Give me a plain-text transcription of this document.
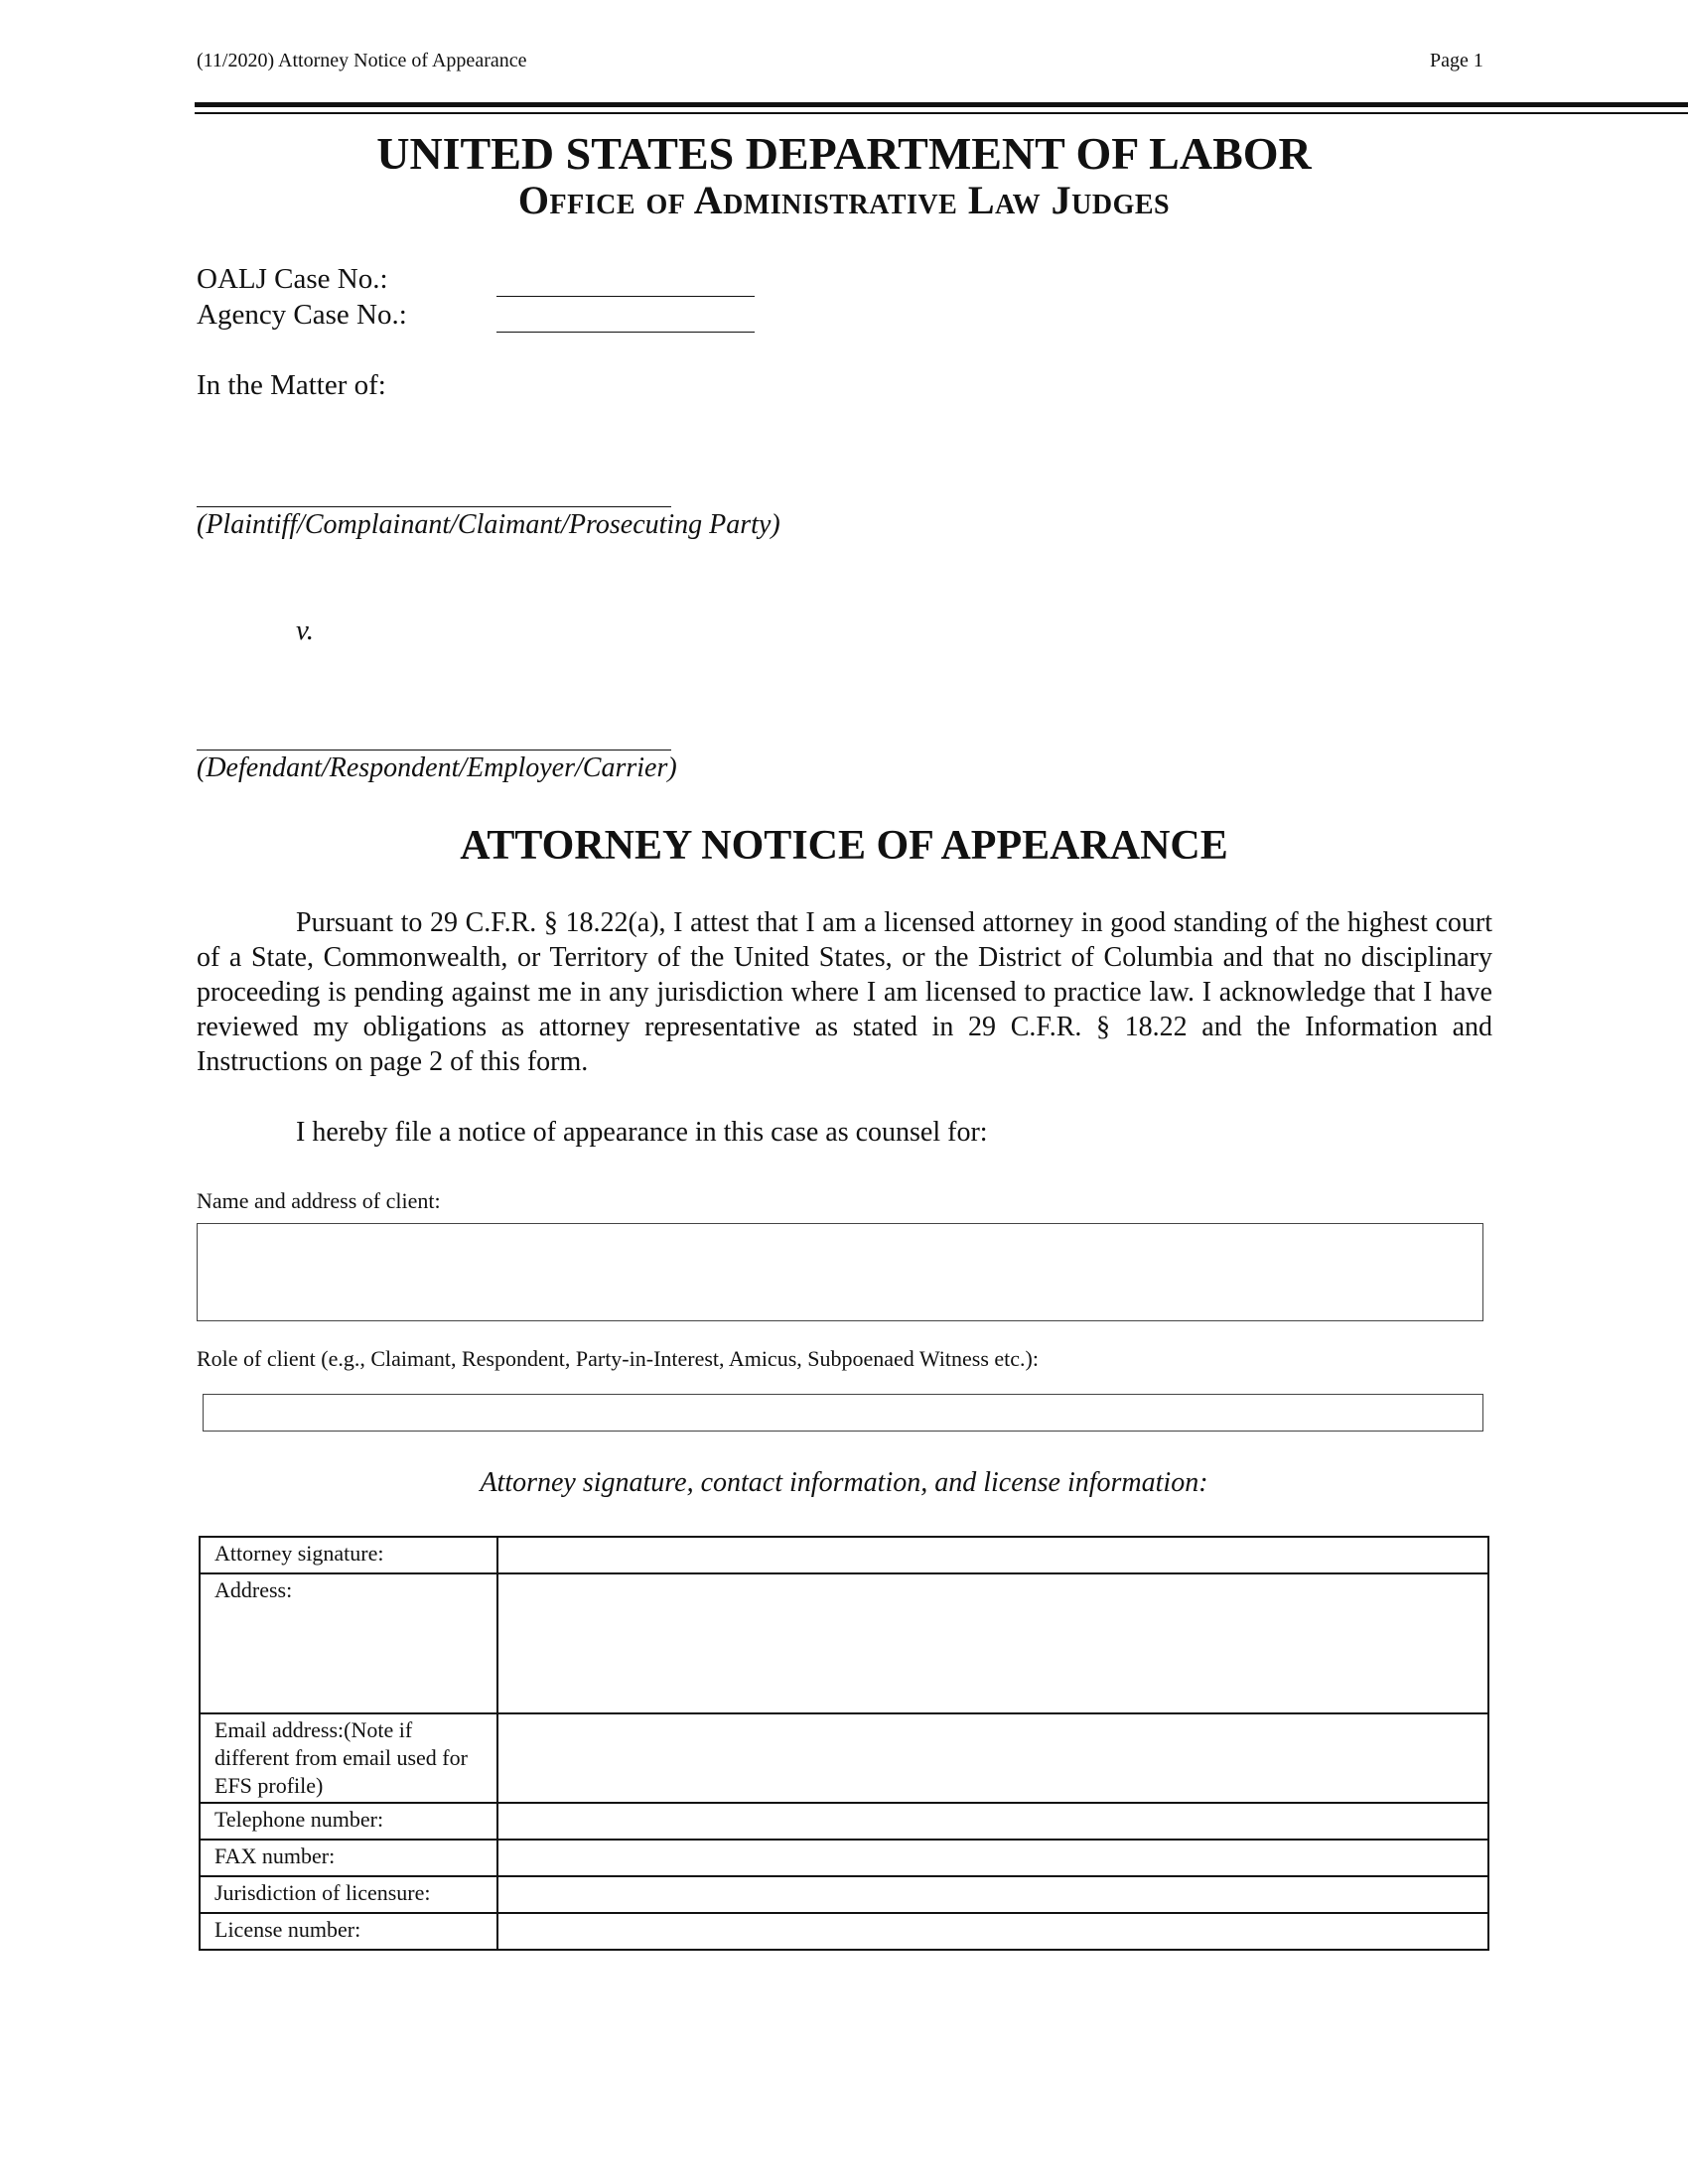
(11/2020) Attorney Notice of Appearance	Page 1
UNITED STATES DEPARTMENT OF LABOR
Office of Administrative Law Judges
OALJ Case No.:
Agency Case No.:
In the Matter of:
(Plaintiff/Complainant/Claimant/Prosecuting Party)
v.
(Defendant/Respondent/Employer/Carrier)
ATTORNEY NOTICE OF APPEARANCE
Pursuant to 29 C.F.R. § 18.22(a), I attest that I am a licensed attorney in good standing of the highest court of a State, Commonwealth, or Territory of the United States, or the District of Columbia and that no disciplinary proceeding is pending against me in any jurisdiction where I am licensed to practice law. I acknowledge that I have reviewed my obligations as attorney representative as stated in 29 C.F.R. § 18.22 and the Information and Instructions on page 2 of this form.
I hereby file a notice of appearance in this case as counsel for:
Name and address of client:
Role of client (e.g., Claimant, Respondent, Party-in-Interest, Amicus, Subpoenaed Witness etc.):
Attorney signature, contact information, and license information:
Attorney signature:	
Address:	
Email address:(Note if different from email used for EFS profile)	
Telephone number:	
FAX number:	
Jurisdiction of licensure:	
License number:	
